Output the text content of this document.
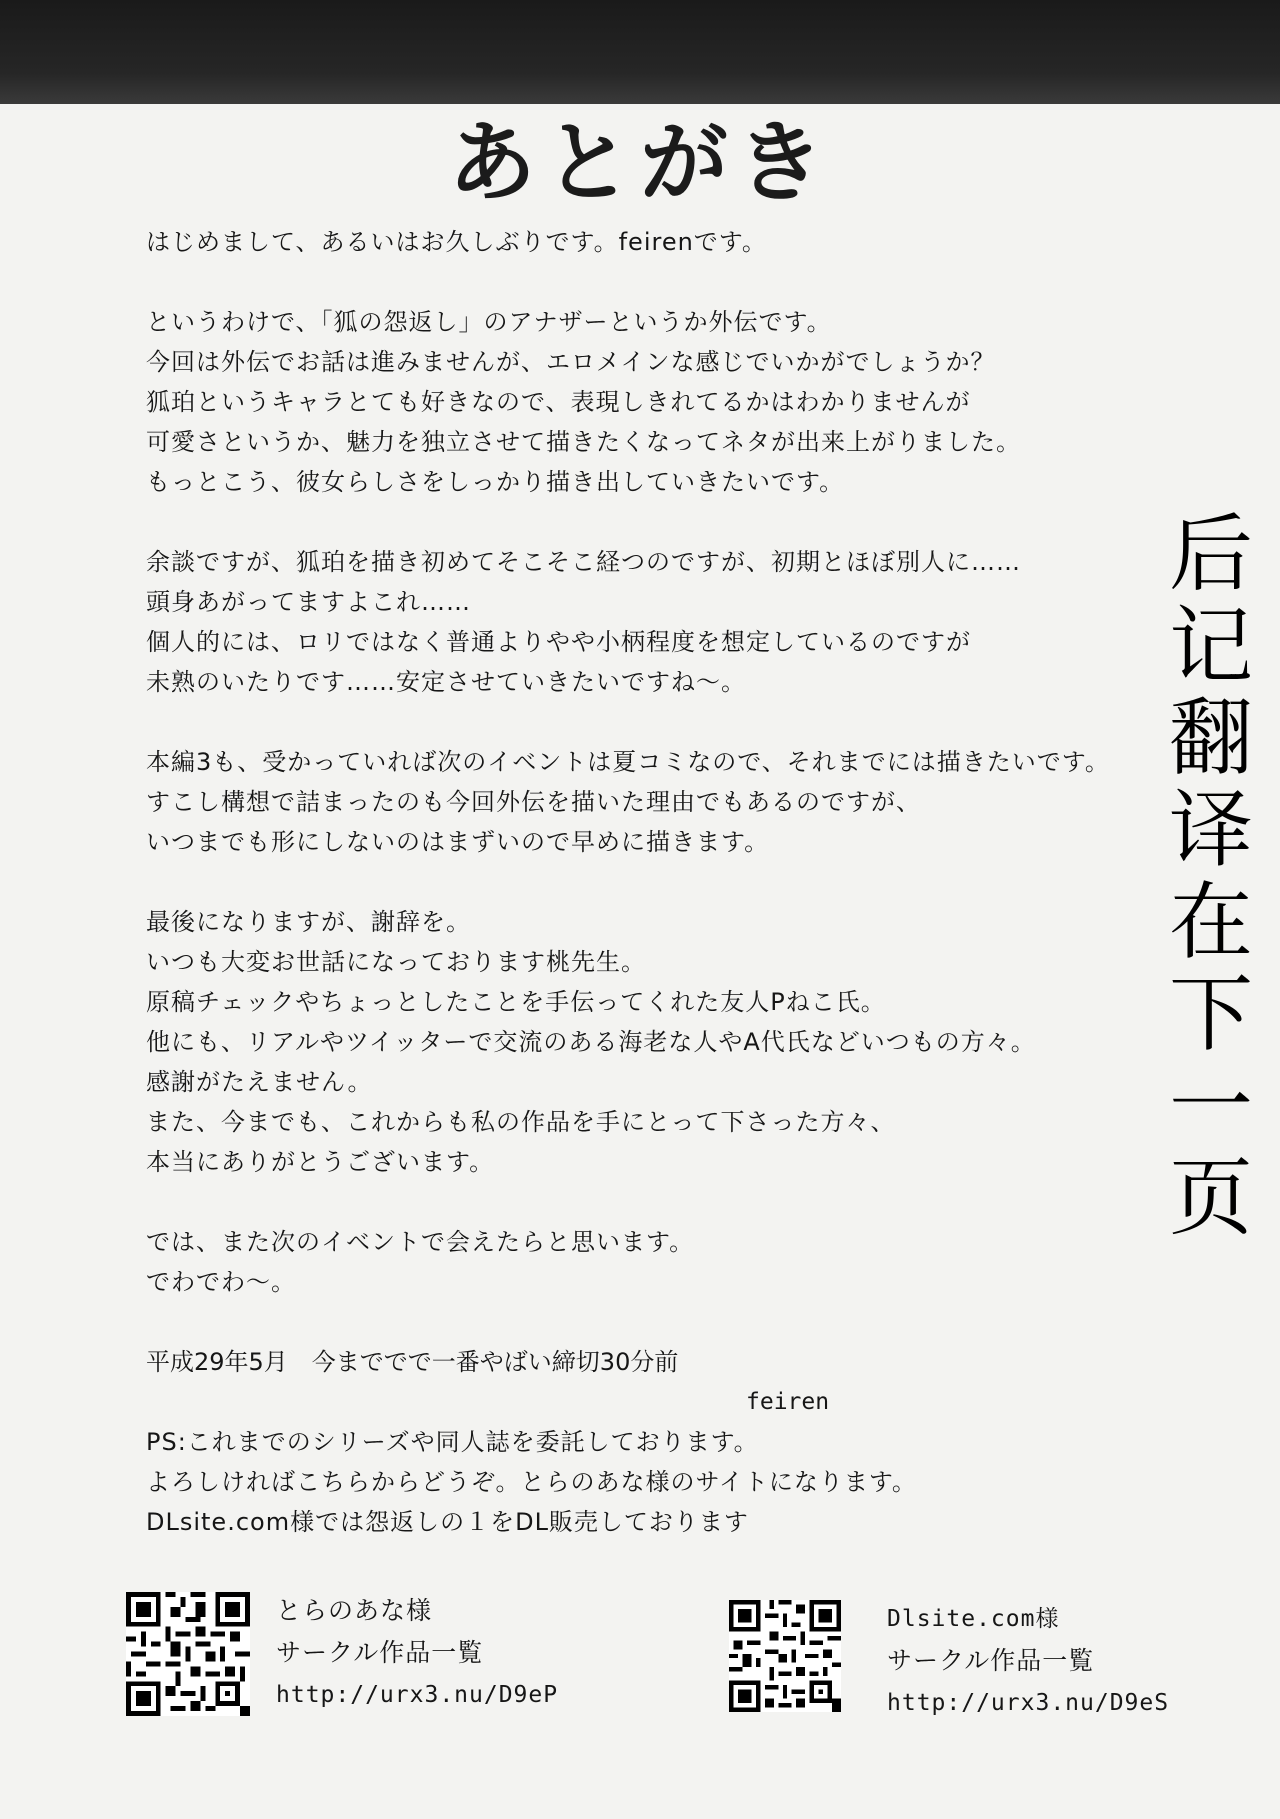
あとがき
はじめまして、あるいはお久しぶりです。feirenです。
というわけで、「狐の怨返し」のアナザーというか外伝です。
今回は外伝でお話は進みませんが、エロメインな感じでいかがでしょうか？
狐珀というキャラとても好きなので、表現しきれてるかはわかりませんが
可愛さというか、魅力を独立させて描きたくなってネタが出来上がりました。
もっとこう、彼女らしさをしっかり描き出していきたいです。
余談ですが、狐珀を描き初めてそこそこ経つのですが、初期とほぼ別人に……
頭身あがってますよこれ……
個人的には、ロリではなく普通よりやや小柄程度を想定しているのですが
未熟のいたりです……安定させていきたいですね～。
本編3も、受かっていれば次のイベントは夏コミなので、それまでには描きたいです。
すこし構想で詰まったのも今回外伝を描いた理由でもあるのですが、
いつまでも形にしないのはまずいので早めに描きます。
最後になりますが、謝辞を。
いつも大変お世話になっております桃先生。
原稿チェックやちょっとしたことを手伝ってくれた友人Pねこ氏。
他にも、リアルやツイッターで交流のある海老な人やA代氏などいつもの方々。
感謝がたえません。
また、今までも、これからも私の作品を手にとって下さった方々、
本当にありがとうございます。
では、また次のイベントで会えたらと思います。
でわでわ～。
平成29年5月　今まででで一番やばい締切30分前
feiren
PS:これまでのシリーズや同人誌を委託しております。
よろしければこちらからどうぞ。とらのあな様のサイトになります。
DLsite.com様では怨返しの１をDL販売しております
后
记
翻
译
在
下
一
页
とらのあな様
サークル作品一覧
http://urx3.nu/D9eP
Dlsite.com様
サークル作品一覧
http://urx3.nu/D9eS
